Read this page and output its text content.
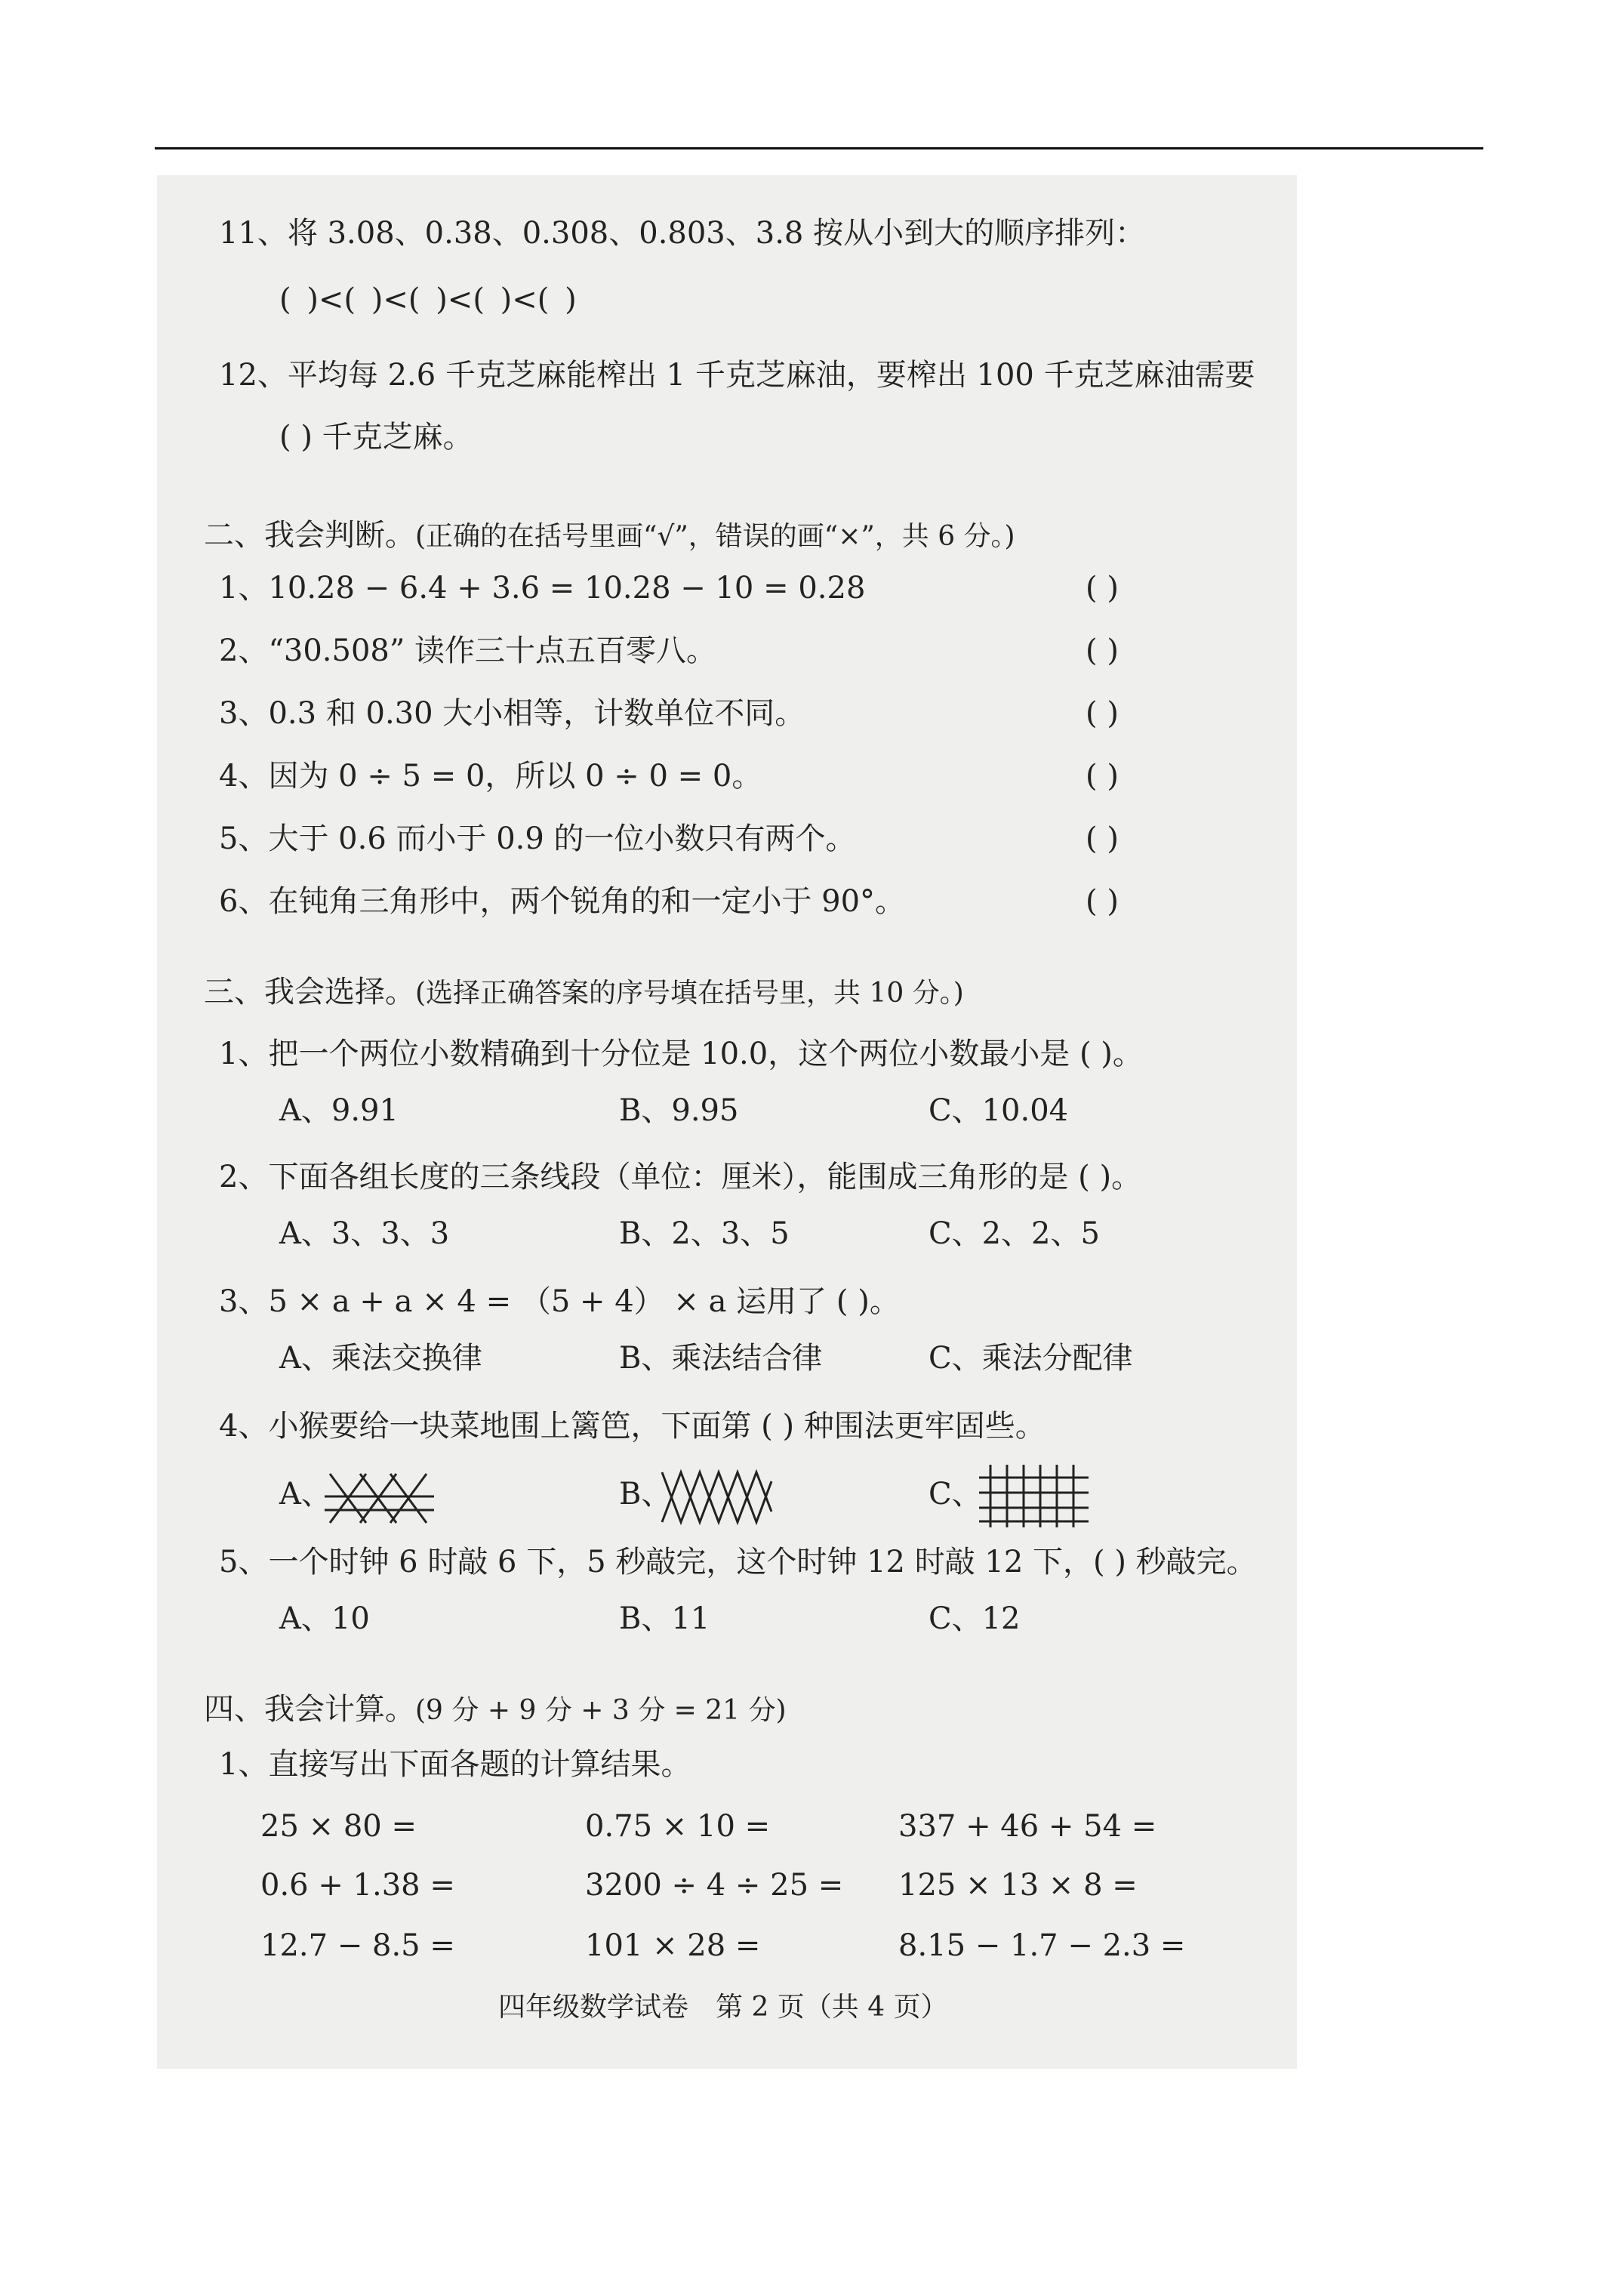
11、将 3.08、0.38、0.308、0.803、3.8 按从小到大的顺序排列：
( )<( )<( )<( )<( )
12、平均每 2.6 千克芝麻能榨出 1 千克芝麻油，要榨出 100 千克芝麻油需要
( ) 千克芝麻。
二、我会判断。(正确的在括号里画“√”，错误的画“×”，共 6 分。)
1、10.28 − 6.4 + 3.6 = 10.28 − 10 = 0.28	( )
2、“30.508” 读作三十点五百零八。	( )
3、0.3 和 0.30 大小相等，计数单位不同。	( )
4、因为 0 ÷ 5 = 0，所以 0 ÷ 0 = 0。	( )
5、大于 0.6 而小于 0.9 的一位小数只有两个。	( )
6、在钝角三角形中，两个锐角的和一定小于 90°。	( )
三、我会选择。(选择正确答案的序号填在括号里，共 10 分。)
1、把一个两位小数精确到十分位是 10.0，这个两位小数最小是 ( )。
A、9.91	B、9.95	C、10.04
2、下面各组长度的三条线段（单位：厘米），能围成三角形的是 ( )。
A、3、3、3	B、2、3、5	C、2、2、5
3、5 × a + a × 4 = （5 + 4） × a 运用了 ( )。
A、乘法交换律	B、乘法结合律	C、乘法分配律
4、小猴要给一块菜地围上篱笆，下面第 ( ) 种围法更牢固些。
A、	B、	C、
5、一个时钟 6 时敲 6 下，5 秒敲完，这个时钟 12 时敲 12 下，( ) 秒敲完。
A、10	B、11	C、12
四、我会计算。(9 分 + 9 分 + 3 分 = 21 分)
1、直接写出下面各题的计算结果。
25 × 80 =	0.75 × 10 =	337 + 46 + 54 =
0.6 + 1.38 =	3200 ÷ 4 ÷ 25 = 125 × 13 × 8 =
12.7 − 8.5 =	101 × 28 =	8.15 − 1.7 − 2.3 =
四年级数学试卷　第 2 页（共 4 页）
